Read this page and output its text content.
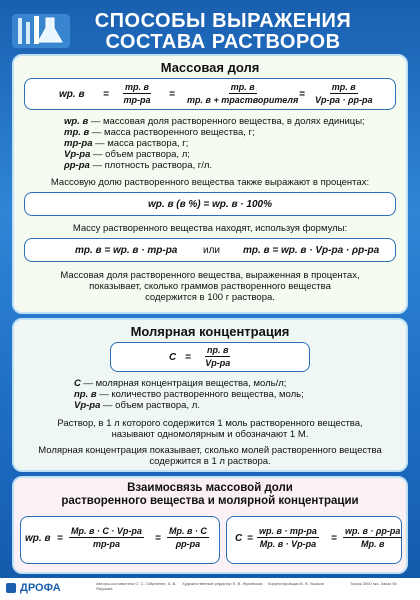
СПОСОБЫ ВЫРАЖЕНИЯ
СОСТАВА РАСТВОРОВ
Массовая доля
wр. в =
mр. в
mр-ра =
mр. в
mр. в + mрастворителя =
mр. в
Vр-ра · ρр-ра
wр. в — массовая доля растворенного вещества, в долях единицы;
mр. в — масса растворенного вещества, г;
mр-ра — масса раствора, г;
Vр-ра — объем раствора, л;
ρр-ра — плотность раствора, г/л.
Массовую долю растворенного вещества также выражают в процентах:
wр. в (в %) = wр. в · 100%
Массу растворенного вещества находят, используя формулы:
mр. в = wр. в · mр-ра	или mр. в = wр. в · Vр-ра · ρр-ра
Массовая доля растворенного вещества, выраженная в процентах,
показывает, сколько граммов растворенного вещества
содержится в 100 г раствора.
Молярная концентрация
C =
nр. в
Vр-ра
C — молярная концентрация вещества, моль/л;
nр. в — количество растворенного вещества, моль;
Vр-ра — объем раствора, л.
Раствор, в 1 л которого содержится 1 моль растворенного вещества,
называют одномолярным и обозначают 1 М.
Молярная концентрация показывает, сколько молей растворенного вещества
содержится в 1 л раствора.
Взаимосвязь массовой доли
растворенного вещества и молярной концентрации
wр. в =
Mр. в · C · Vр-ра
mр-ра	=
Mр. в · C
ρр-ра	C =
wр. в · mр-ра
Mр. в · Vр-ра =
wр. в · ρр-ра
Mр. в
ДРОФА	Авторы-составители О. С. Габриелян, А. В. Яшукова
Художественный редактор Е. В. Жуковская	Корректировщик В. В. Ушаков	Тираж 3000 экз. Заказ №
